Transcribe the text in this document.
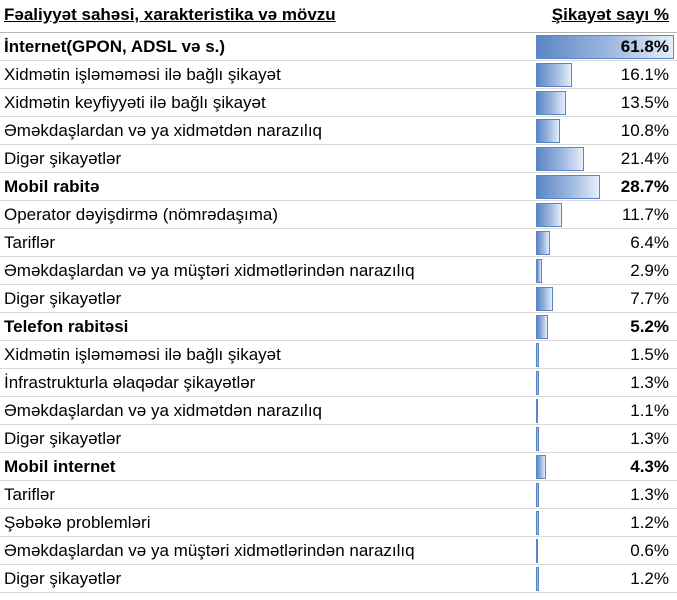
Fəaliyyət sahəsi, xarakteristika və mövzu	Şikayət sayı %
İnternet(GPON, ADSL və s.)	61.8%
Xidmətin işləməməsi ilə bağlı şikayət	16.1%
Xidmətin keyfiyyəti ilə bağlı şikayət	13.5%
Əməkdaşlardan və ya xidmətdən narazılıq	10.8%
Digər şikayətlər	21.4%
Mobil rabitə	28.7%
Operator dəyişdirmə (nömrədaşıma)	11.7%
Tariflər	6.4%
Əməkdaşlardan və ya müştəri xidmətlərindən narazılıq	2.9%
Digər şikayətlər	7.7%
Telefon rabitəsi	5.2%
Xidmətin işləməməsi ilə bağlı şikayət	1.5%
İnfrastrukturla əlaqədar şikayətlər	1.3%
Əməkdaşlardan və ya xidmətdən narazılıq	1.1%
Digər şikayətlər	1.3%
Mobil internet	4.3%
Tariflər	1.3%
Şəbəkə problemləri	1.2%
Əməkdaşlardan və ya müştəri xidmətlərindən narazılıq	0.6%
Digər şikayətlər	1.2%
